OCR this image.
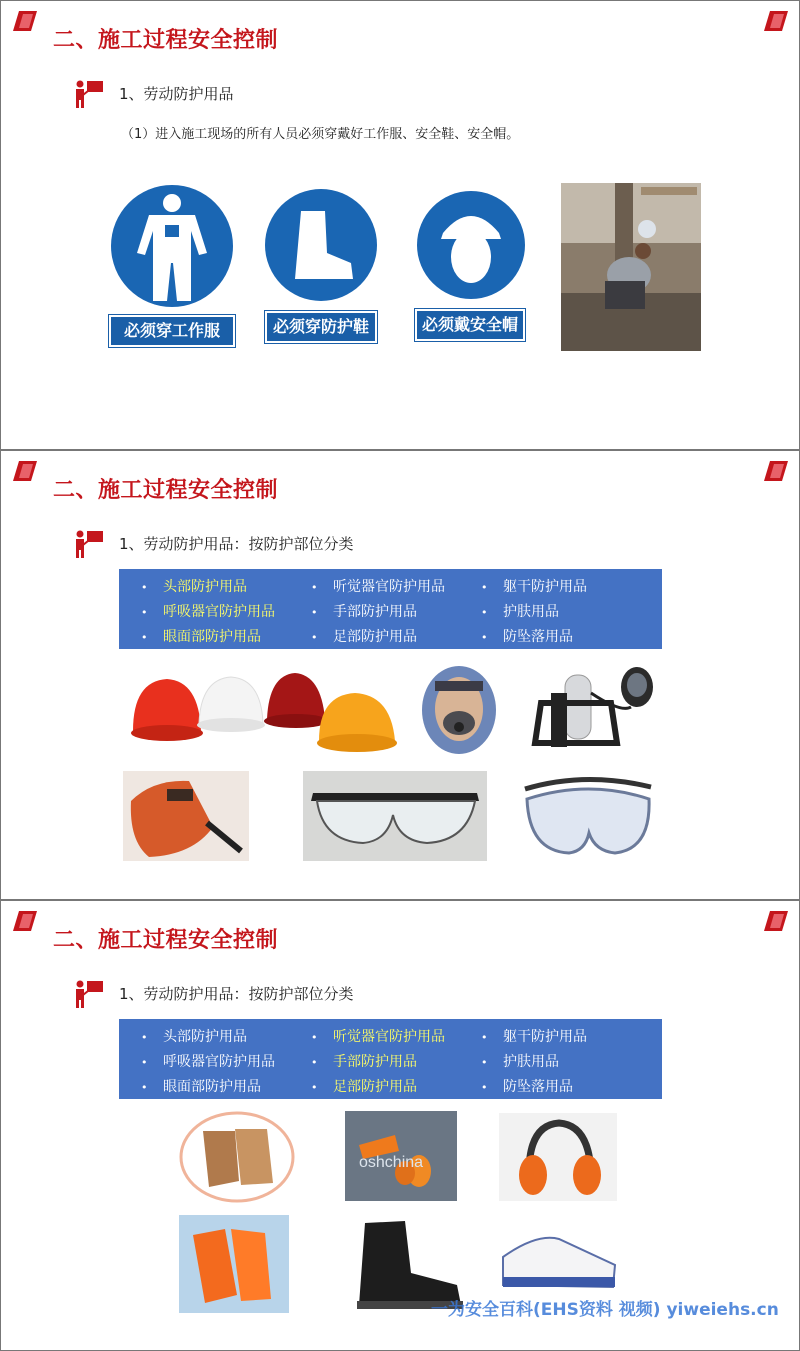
二、施工过程安全控制
1、劳动防护用品
（1）进入施工现场的所有人员必须穿戴好工作服、安全鞋、安全帽。
必须穿工作服	必须穿防护鞋	必须戴安全帽
二、施工过程安全控制
1、劳动防护用品：按防护部位分类
• 头部防护用品
• 呼吸器官防护用品
• 眼面部防护用品
• 听觉器官防护用品
• 手部防护用品
• 足部防护用品
• 躯干防护用品
• 护肤用品
• 防坠落用品
二、施工过程安全控制
1、劳动防护用品：按防护部位分类
• 头部防护用品
• 呼吸器官防护用品
• 眼面部防护用品
• 听觉器官防护用品
• 手部防护用品
• 足部防护用品
• 躯干防护用品
• 护肤用品
• 防坠落用品
oshchina
一为安全百科(EHS资料 视频) yiweiehs.cn
